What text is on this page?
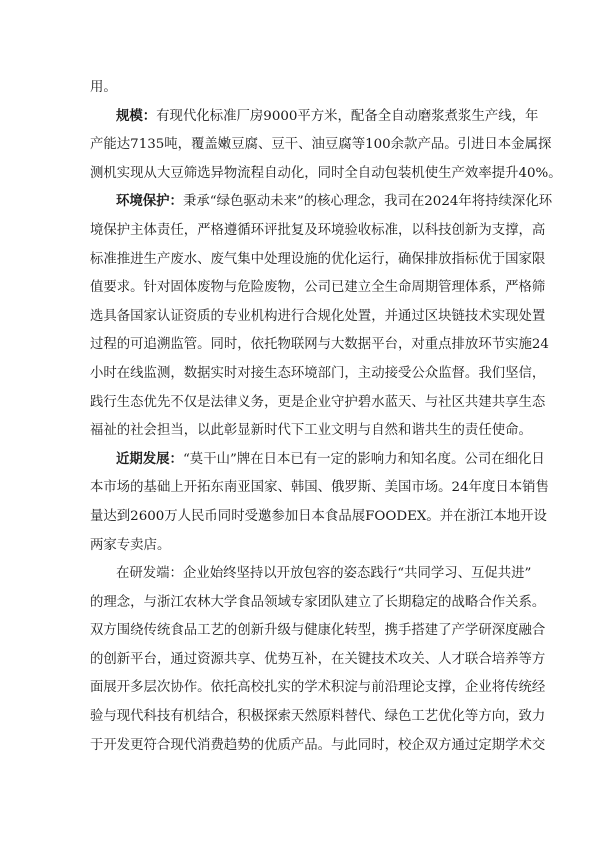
用。
规模：有现代化标准厂房9000平方米，配备全自动磨浆煮浆生产线，年
产能达7135吨，覆盖嫩豆腐、豆干、油豆腐等100余款产品。引进日本金属探
测机实现从大豆筛选异物流程自动化，同时全自动包装机使生产效率提升40%。
环境保护：秉承“绿色驱动未来”的核心理念，我司在2024年将持续深化环
境保护主体责任，严格遵循环评批复及环境验收标准，以科技创新为支撑，高
标准推进生产废水、废气集中处理设施的优化运行，确保排放指标优于国家限
值要求。针对固体废物与危险废物，公司已建立全生命周期管理体系，严格筛
选具备国家认证资质的专业机构进行合规化处置，并通过区块链技术实现处置
过程的可追溯监管。同时，依托物联网与大数据平台，对重点排放环节实施24
小时在线监测，数据实时对接生态环境部门，主动接受公众监督。我们坚信，
践行生态优先不仅是法律义务，更是企业守护碧水蓝天、与社区共建共享生态
福祉的社会担当，以此彰显新时代下工业文明与自然和谐共生的责任使命。
近期发展：“莫干山”牌在日本已有一定的影响力和知名度。公司在细化日
本市场的基础上开拓东南亚国家、韩国、俄罗斯、美国市场。24年度日本销售
量达到2600万人民币同时受邀参加日本食品展FOODEX。并在浙江本地开设
两家专卖店。
在研发端：企业始终坚持以开放包容的姿态践行“共同学习、互促共进”
的理念，与浙江农林大学食品领域专家团队建立了长期稳定的战略合作关系。
双方围绕传统食品工艺的创新升级与健康化转型，携手搭建了产学研深度融合
的创新平台，通过资源共享、优势互补，在关键技术攻关、人才联合培养等方
面展开多层次协作。依托高校扎实的学术积淀与前沿理论支撑，企业将传统经
验与现代科技有机结合，积极探索天然原料替代、绿色工艺优化等方向，致力
于开发更符合现代消费趋势的优质产品。与此同时，校企双方通过定期学术交
